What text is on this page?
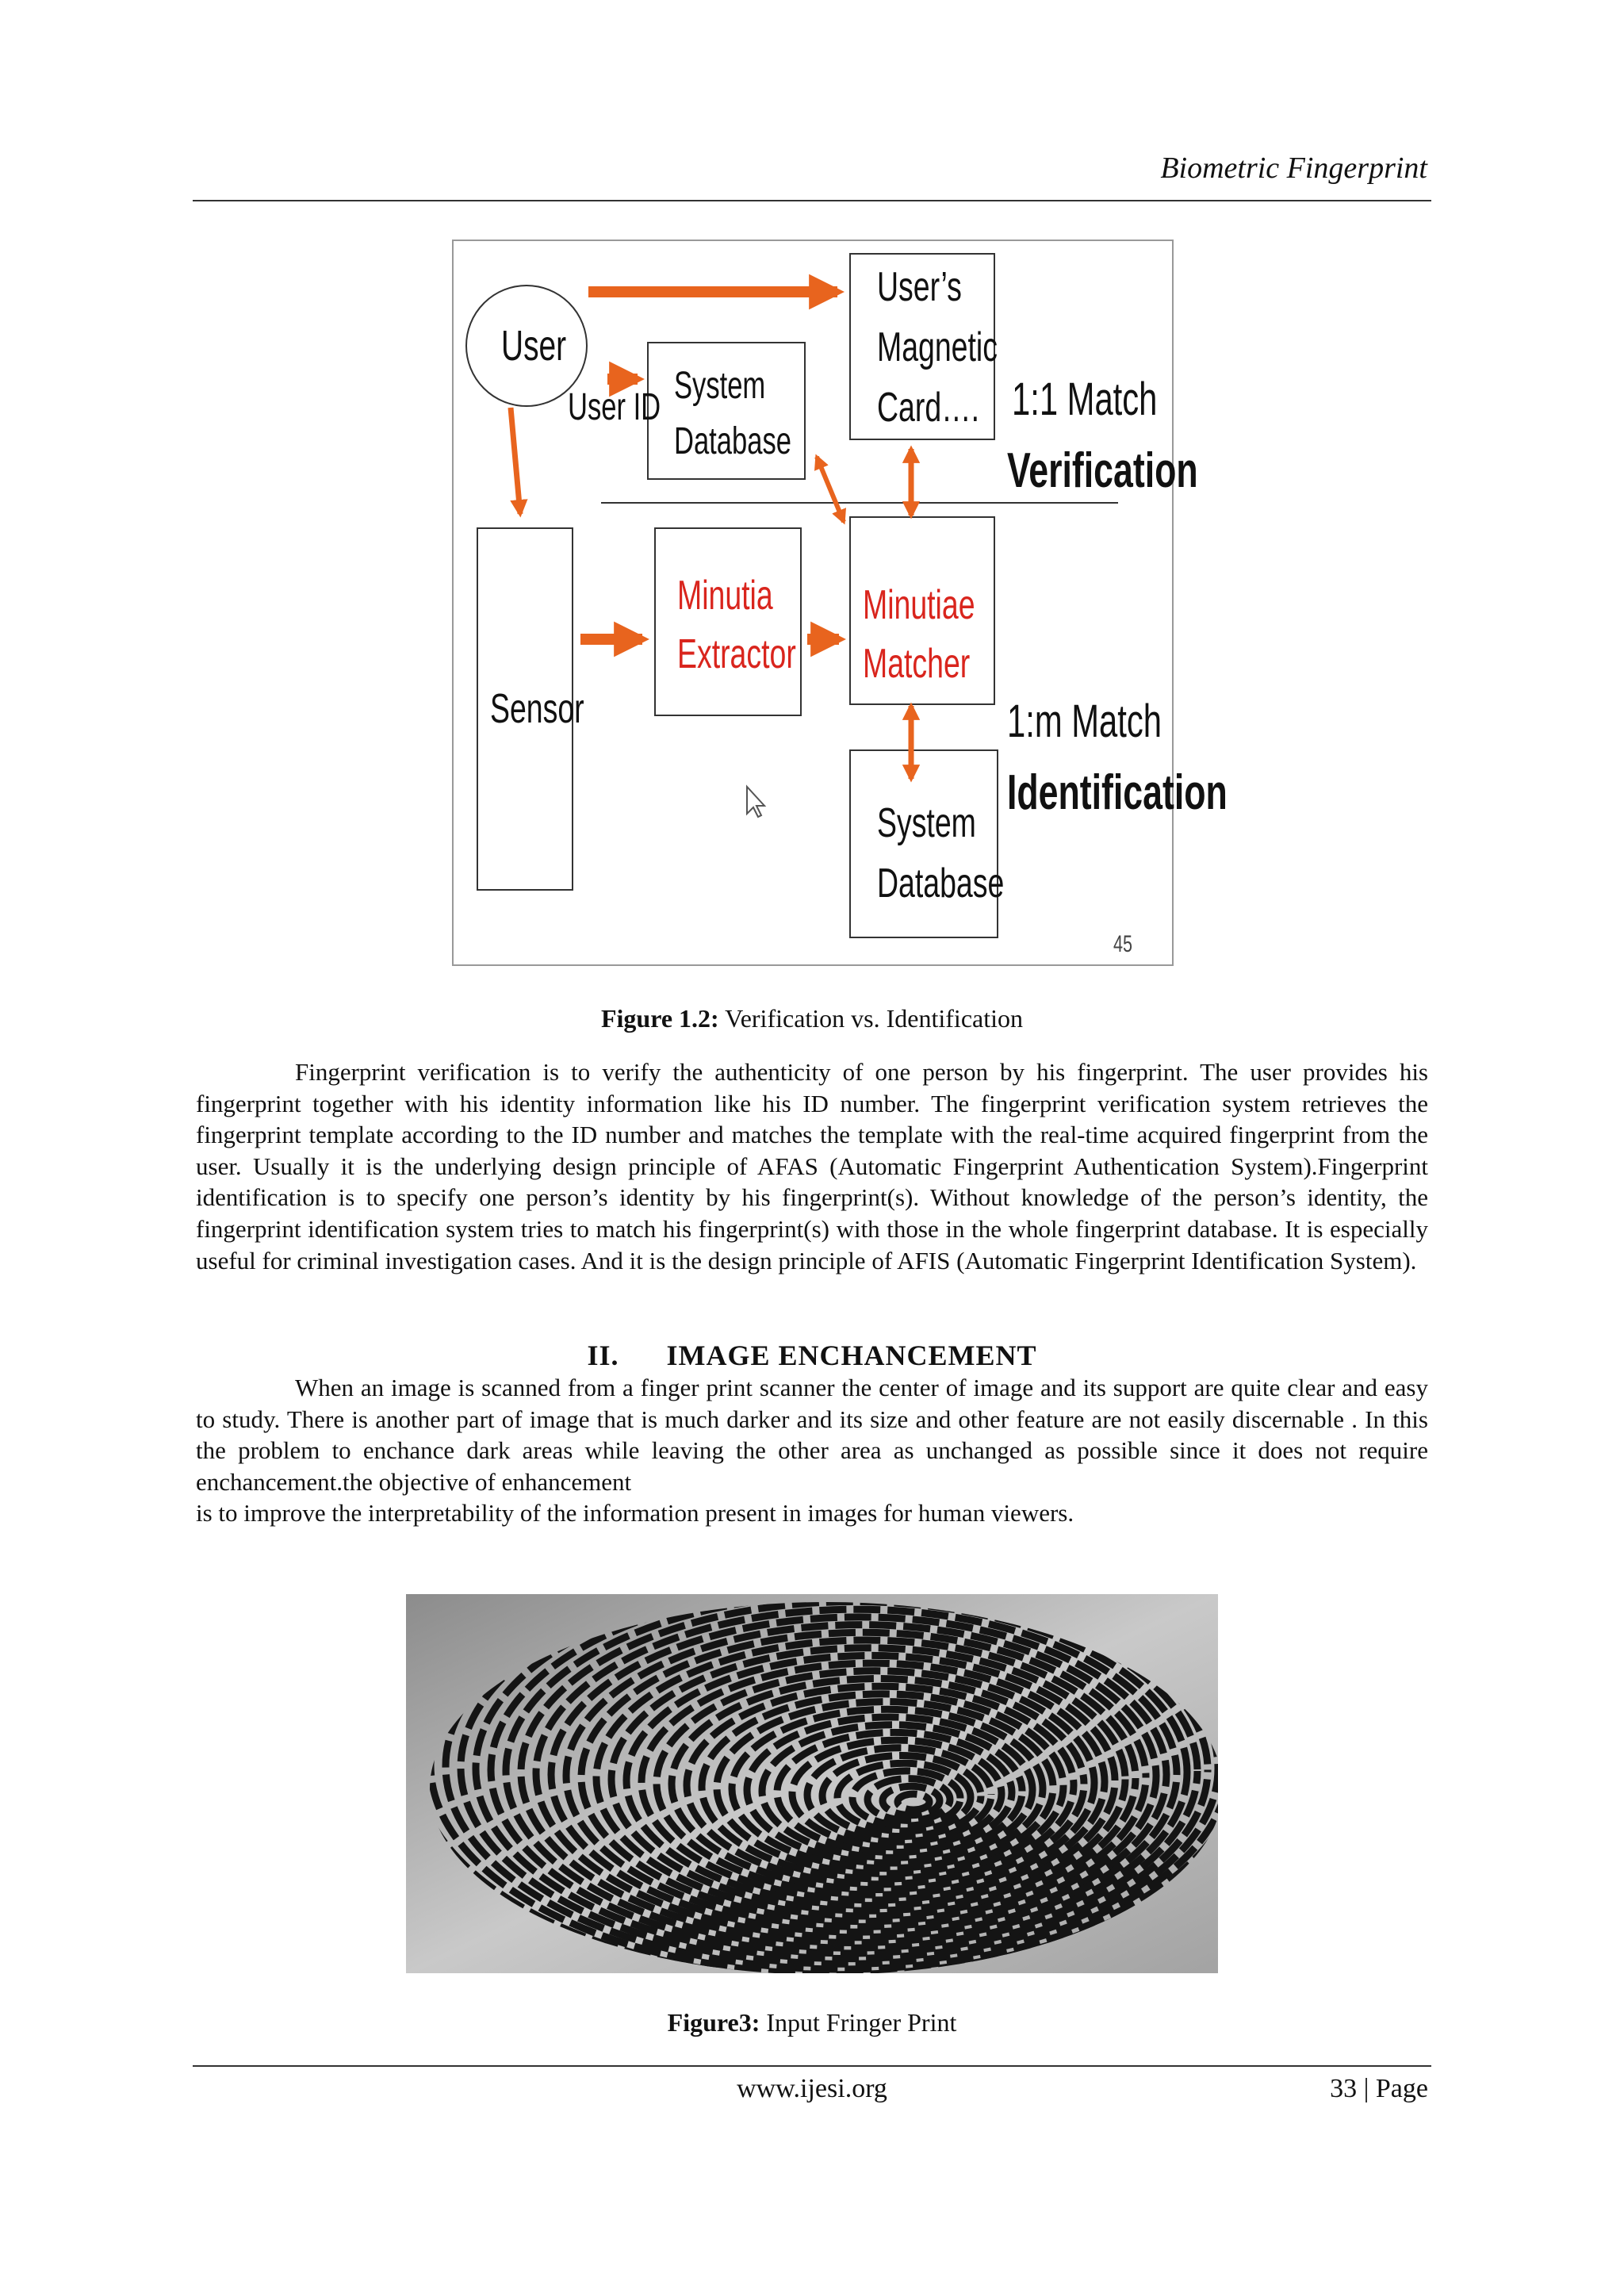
Biometric Fingerprint
User
User ID
System
Database
User’s
Magnetic
Card…. 1:1 Match
Verification
Sensor
Minutia
Extractor
Minutiae
Matcher
1:m Match
Identification
System
Database
45
Figure 1.2: Verification vs. Identification

Fingerprint verification is to verify the authenticity of one person by his fingerprint. The user provides his fingerprint together with his identity information like his ID number. The fingerprint verification system retrieves the fingerprint template according to the ID number and matches the template with the real-time acquired fingerprint from the user. Usually it is the underlying design principle of AFAS (Automatic Fingerprint Authentication System).Fingerprint identification is to specify one person’s identity by his fingerprint(s). Without knowledge of the person’s identity, the fingerprint identification system tries to match his fingerprint(s) with those in the whole fingerprint database. It is especially useful for criminal investigation cases. And it is the design principle of AFIS (Automatic Fingerprint Identification System).

II. IMAGE ENCHANCEMENT

When an image is scanned from a finger print scanner the center of image and its support are quite clear and easy to study. There is another part of image that is much darker and its size and other feature are not easily discernable . In this the problem to enchance dark areas while leaving the other area as unchanged as possible since it does not require enchancement.the objective of enhancement

is to improve the interpretability of the information present in images for human viewers.

Figure3: Input Fringer Print
www.ijesi.org	33 | Page
